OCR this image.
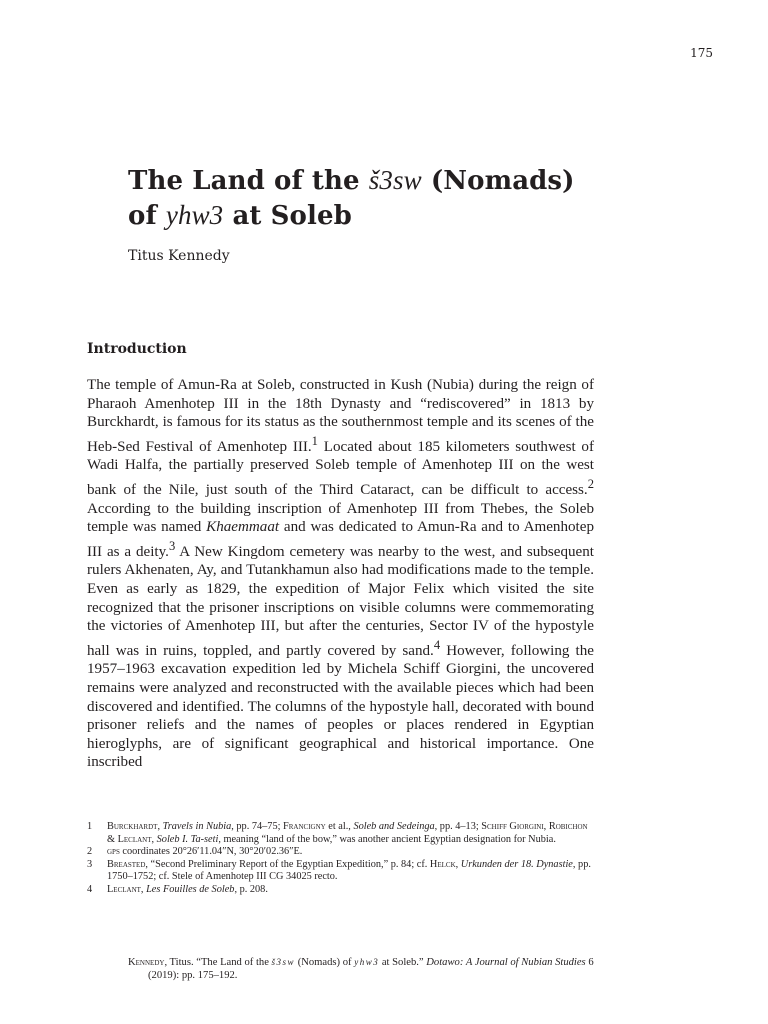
175

The Land of the š3sw (Nomads)
of yhw3 at Soleb

Titus Kennedy

Introduction

The temple of Amun-Ra at Soleb, constructed in Kush (Nubia) during the reign of Pharaoh Amenhotep III in the 18th Dynasty and “rediscovered” in 1813 by Burckhardt, is famous for its status as the southernmost temple and its scenes of the Heb-Sed Festival of Amenhotep III.$^1$ Located about 185 kilometers southwest of Wadi Halfa, the partially preserved Soleb temple of Amenhotep III on the west bank of the Nile, just south of the Third Cataract, can be difficult to access.$^2$ According to the building inscription of Amenhotep III from Thebes, the Soleb temple was named Khaemmaat and was dedicated to Amun-Ra and to Amenhotep III as a deity.$^3$ A New Kingdom cemetery was nearby to the west, and subsequent rulers Akhenaten, Ay, and Tutankhamun also had modifications made to the temple. Even as early as 1829, the expedition of Major Felix which visited the site recognized that the prisoner inscriptions on visible columns were commemorating the victories of Amenhotep III, but after the centuries, Sector IV of the hypostyle hall was in ruins, toppled, and partly covered by sand.$^4$ However, following the 1957–1963 excavation expedition led by Michela Schiff Giorgini, the uncovered remains were analyzed and reconstructed with the available pieces which had been discovered and identified. The columns of the hypostyle hall, decorated with bound prisoner reliefs and the names of peoples or places rendered in Egyptian hieroglyphs, are of significant geographical and historical importance. One inscribed

1 Burckhardt, Travels in Nubia, pp. 74–75; Francigny et al., Soleb and Sedeinga, pp. 4–13; Schiff Giorgini, Robichon & Leclant, Soleb I. Ta-seti, meaning “land of the bow,” was another ancient Egyptian designation for Nubia.
2 gps coordinates 20°26′11.04″N, 30°20′02.36″E.
3 Breasted, “Second Preliminary Report of the Egyptian Expedition,” p. 84; cf. Helck, Urkunden der 18. Dynastie, pp. 1750–1752; cf. Stele of Amenhotep III CG 34025 recto.
4 Leclant, Les Fouilles de Soleb, p. 208.

Kennedy, Titus. “The Land of the š3sw (Nomads) of yhw3 at Soleb.” Dotawo: A Journal of Nubian Studies 6 (2019): pp. 175–192.
